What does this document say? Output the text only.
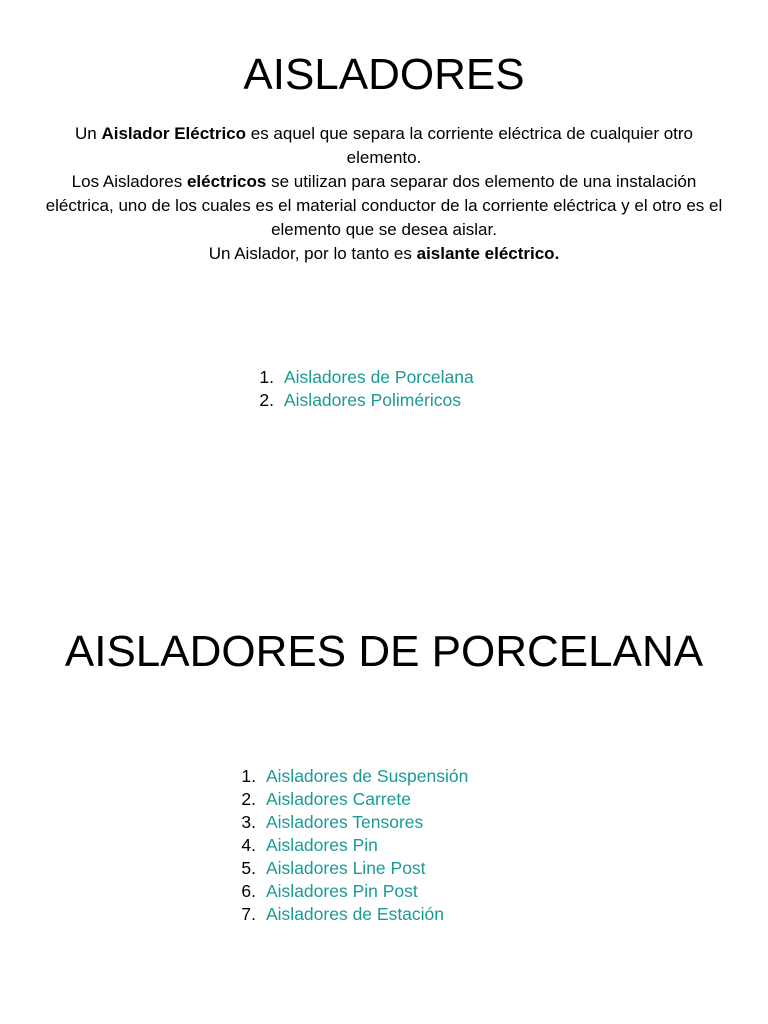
AISLADORES

Un Aislador Eléctrico es aquel que separa la corriente eléctrica de cualquier otro elemento.

Los Aisladores eléctricos se utilizan para separar dos elemento de una instalación eléctrica, uno de los cuales es el material conductor de la corriente eléctrica y el otro es el elemento que se desea aislar.

Un Aislador, por lo tanto es aislante eléctrico.

1. Aisladores de Porcelana
2. Aisladores Poliméricos
AISLADORES DE PORCELANA
1. Aisladores de Suspensión
2. Aisladores Carrete
3. Aisladores Tensores
4. Aisladores Pin
5. Aisladores Line Post
6. Aisladores Pin Post
7. Aisladores de Estación
